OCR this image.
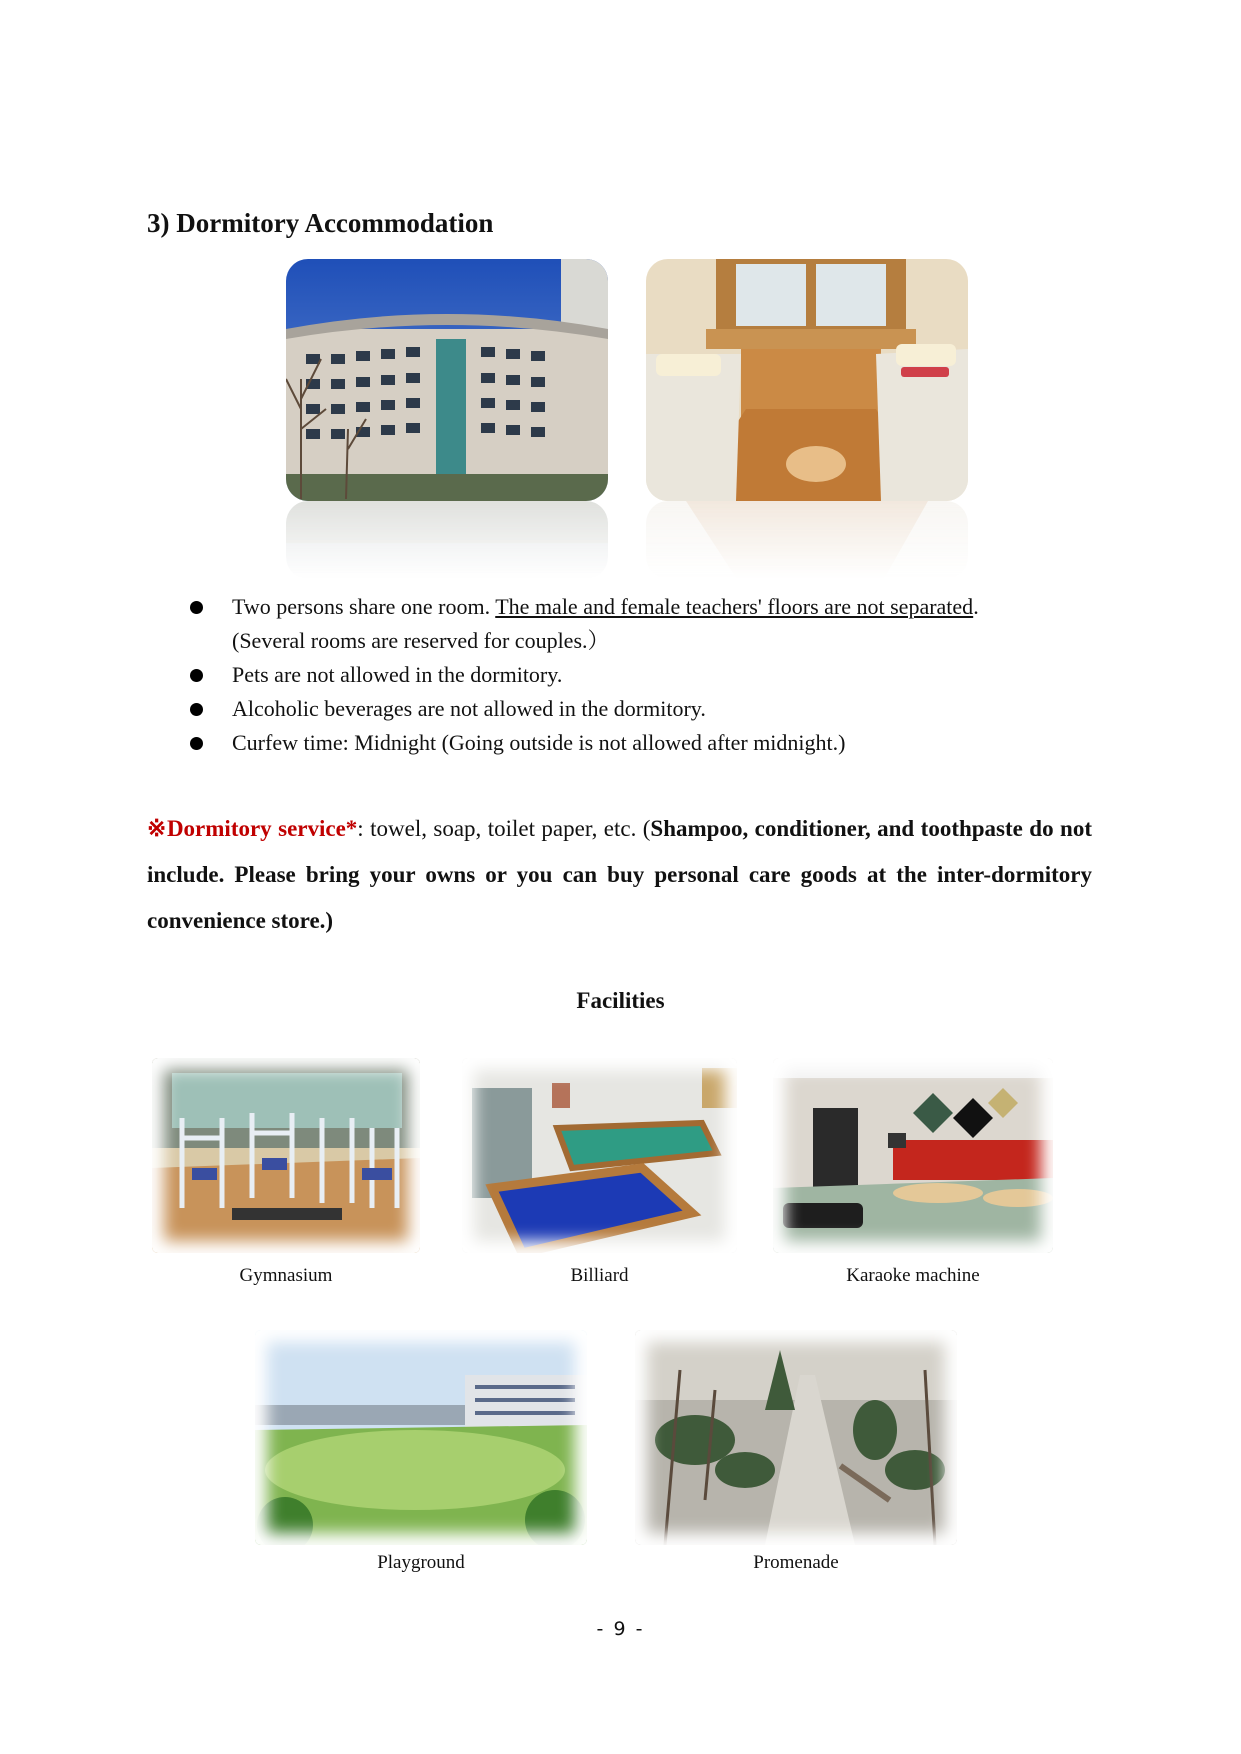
3) Dormitory Accommodation
Two persons share one room. The male and female teachers' floors are not separated.
(Several rooms are reserved for couples.）
Pets are not allowed in the dormitory.
Alcoholic beverages are not allowed in the dormitory.
Curfew time: Midnight (Going outside is not allowed after midnight.)
※Dormitory service*: towel, soap, toilet paper, etc. (Shampoo, conditioner, and toothpaste do not include. Please bring your owns or you can buy personal care goods at the inter-dormitory convenience store.)
Facilities
Gymnasium	Billiard	Karaoke machine
Playground	Promenade
- 9 -
